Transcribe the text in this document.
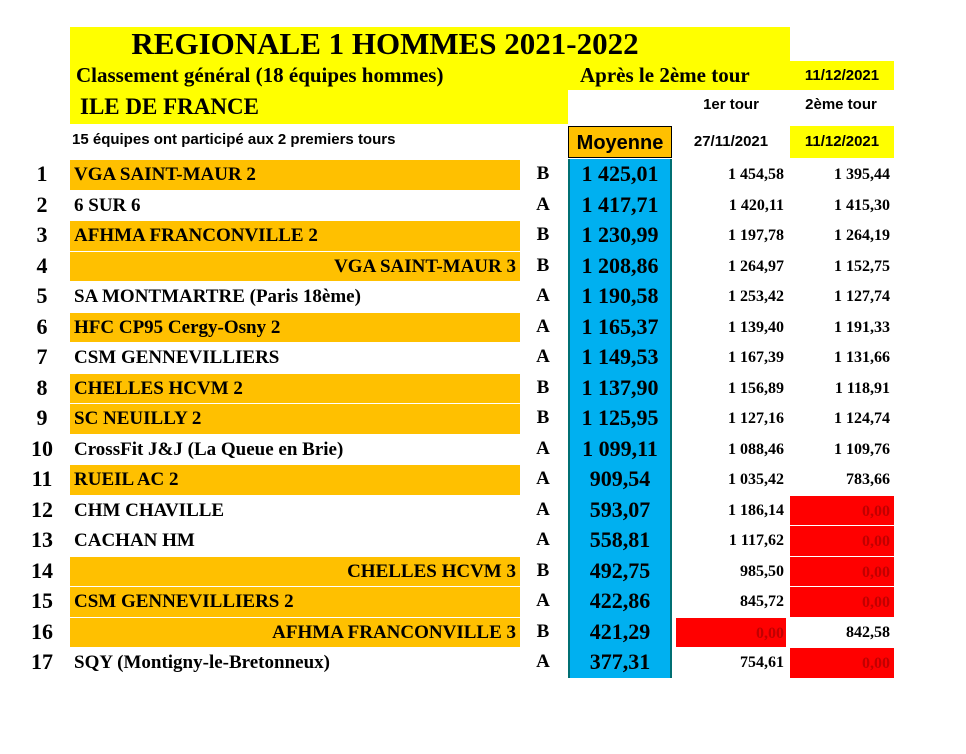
REGIONALE 1 HOMMES 2021-2022
Classement général (18 équipes hommes)	Après le 2ème tour	11/12/2021
ILE DE FRANCE	1er tour	2ème tour
15 équipes ont participé aux 2 premiers tours	Moyenne	27/11/2021	11/12/2021
1	VGA SAINT-MAUR 2	B	1 425,01	1 454,58	1 395,44
2	6 SUR 6	A	1 417,71	1 420,11	1 415,30
3	AFHMA FRANCONVILLE 2	B	1 230,99	1 197,78	1 264,19
4	VGA SAINT-MAUR 3	B	1 208,86	1 264,97	1 152,75
5	SA MONTMARTRE (Paris 18ème)	A	1 190,58	1 253,42	1 127,74
6	HFC CP95 Cergy-Osny 2	A	1 165,37	1 139,40	1 191,33
7	CSM GENNEVILLIERS	A	1 149,53	1 167,39	1 131,66
8	CHELLES HCVM 2	B	1 137,90	1 156,89	1 118,91
9	SC NEUILLY 2	B	1 125,95	1 127,16	1 124,74
10	CrossFit J&J (La Queue en Brie)	A	1 099,11	1 088,46	1 109,76
11	RUEIL AC 2	A	909,54	1 035,42	783,66
12	CHM CHAVILLE	A	593,07	1 186,14	0,00
13	CACHAN HM	A	558,81	1 117,62	0,00
14	CHELLES HCVM 3	B	492,75	985,50	0,00
15	CSM GENNEVILLIERS 2	A	422,86	845,72	0,00
16	AFHMA FRANCONVILLE 3	B	421,29	0,00	842,58
17	SQY (Montigny-le-Bretonneux)	A	377,31	754,61	0,00
